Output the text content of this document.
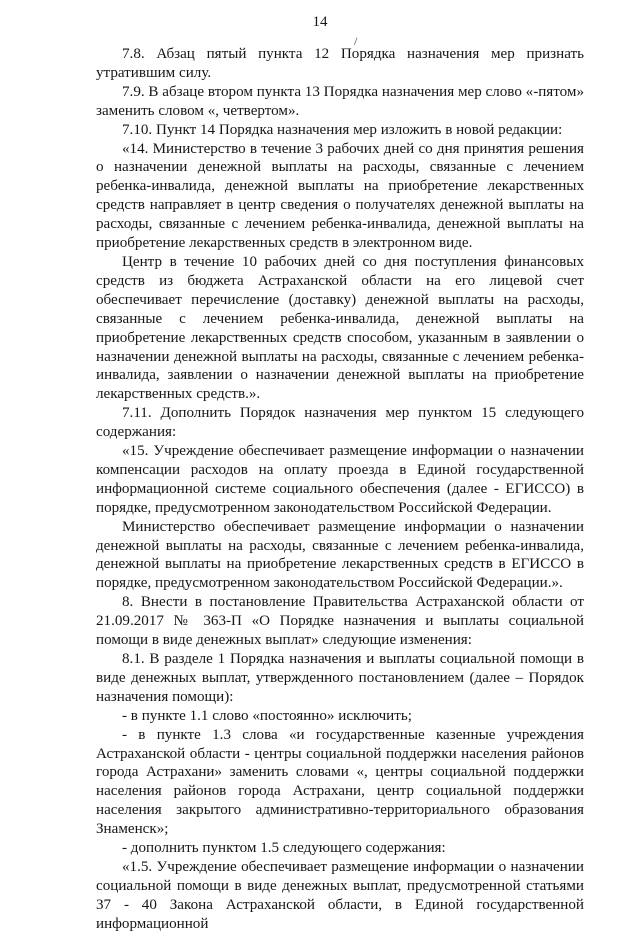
14
/

7.8. Абзац пятый пункта 12 Порядка назначения мер признать утратившим силу.

7.9. В абзаце втором пункта 13 Порядка назначения мер слово «-пятом» заменить словом «, четвертом».

7.10. Пункт 14 Порядка назначения мер изложить в новой редакции:

«14. Министерство в течение 3 рабочих дней со дня принятия решения о назначении денежной выплаты на расходы, связанные с лечением ребенка-инвалида, денежной выплаты на приобретение лекарственных средств направляет в центр сведения о получателях денежной выплаты на расходы, связанные с лечением ребенка-инвалида, денежной выплаты на приобретение лекарственных средств в электронном виде.

Центр в течение 10 рабочих дней со дня поступления финансовых средств из бюджета Астраханской области на его лицевой счет обеспечивает перечисление (доставку) денежной выплаты на расходы, связанные с лечением ребенка-инвалида, денежной выплаты на приобретение лекарственных средств способом, указанным в заявлении о назначении денежной выплаты на расходы, связанные с лечением ребенка-инвалида, заявлении о назначении денежной выплаты на приобретение лекарственных средств.».

7.11. Дополнить Порядок назначения мер пунктом 15 следующего содержания:

«15. Учреждение обеспечивает размещение информации о назначении компенсации расходов на оплату проезда в Единой государственной информационной системе социального обеспечения (далее - ЕГИССО) в порядке, предусмотренном законодательством Российской Федерации.

Министерство обеспечивает размещение информации о назначении денежной выплаты на расходы, связанные с лечением ребенка-инвалида, денежной выплаты на приобретение лекарственных средств в ЕГИССО в порядке, предусмотренном законодательством Российской Федерации.».

8. Внести в постановление Правительства Астраханской области от 21.09.2017 № 363-П «О Порядке назначения и выплаты социальной помощи в виде денежных выплат» следующие изменения:

8.1. В разделе 1 Порядка назначения и выплаты социальной помощи в виде денежных выплат, утвержденного постановлением (далее – Порядок назначения помощи):

- в пункте 1.1 слово «постоянно» исключить;

- в пункте 1.3 слова «и государственные казенные учреждения Астраханской области - центры социальной поддержки населения районов города Астрахани» заменить словами «, центры социальной поддержки населения районов города Астрахани, центр социальной поддержки населения закрытого административно-территориального образования Знаменск»;

- дополнить пунктом 1.5 следующего содержания:

«1.5. Учреждение обеспечивает размещение информации о назначении социальной помощи в виде денежных выплат, предусмотренной статьями 37 - 40 Закона Астраханской области, в Единой государственной информационной
